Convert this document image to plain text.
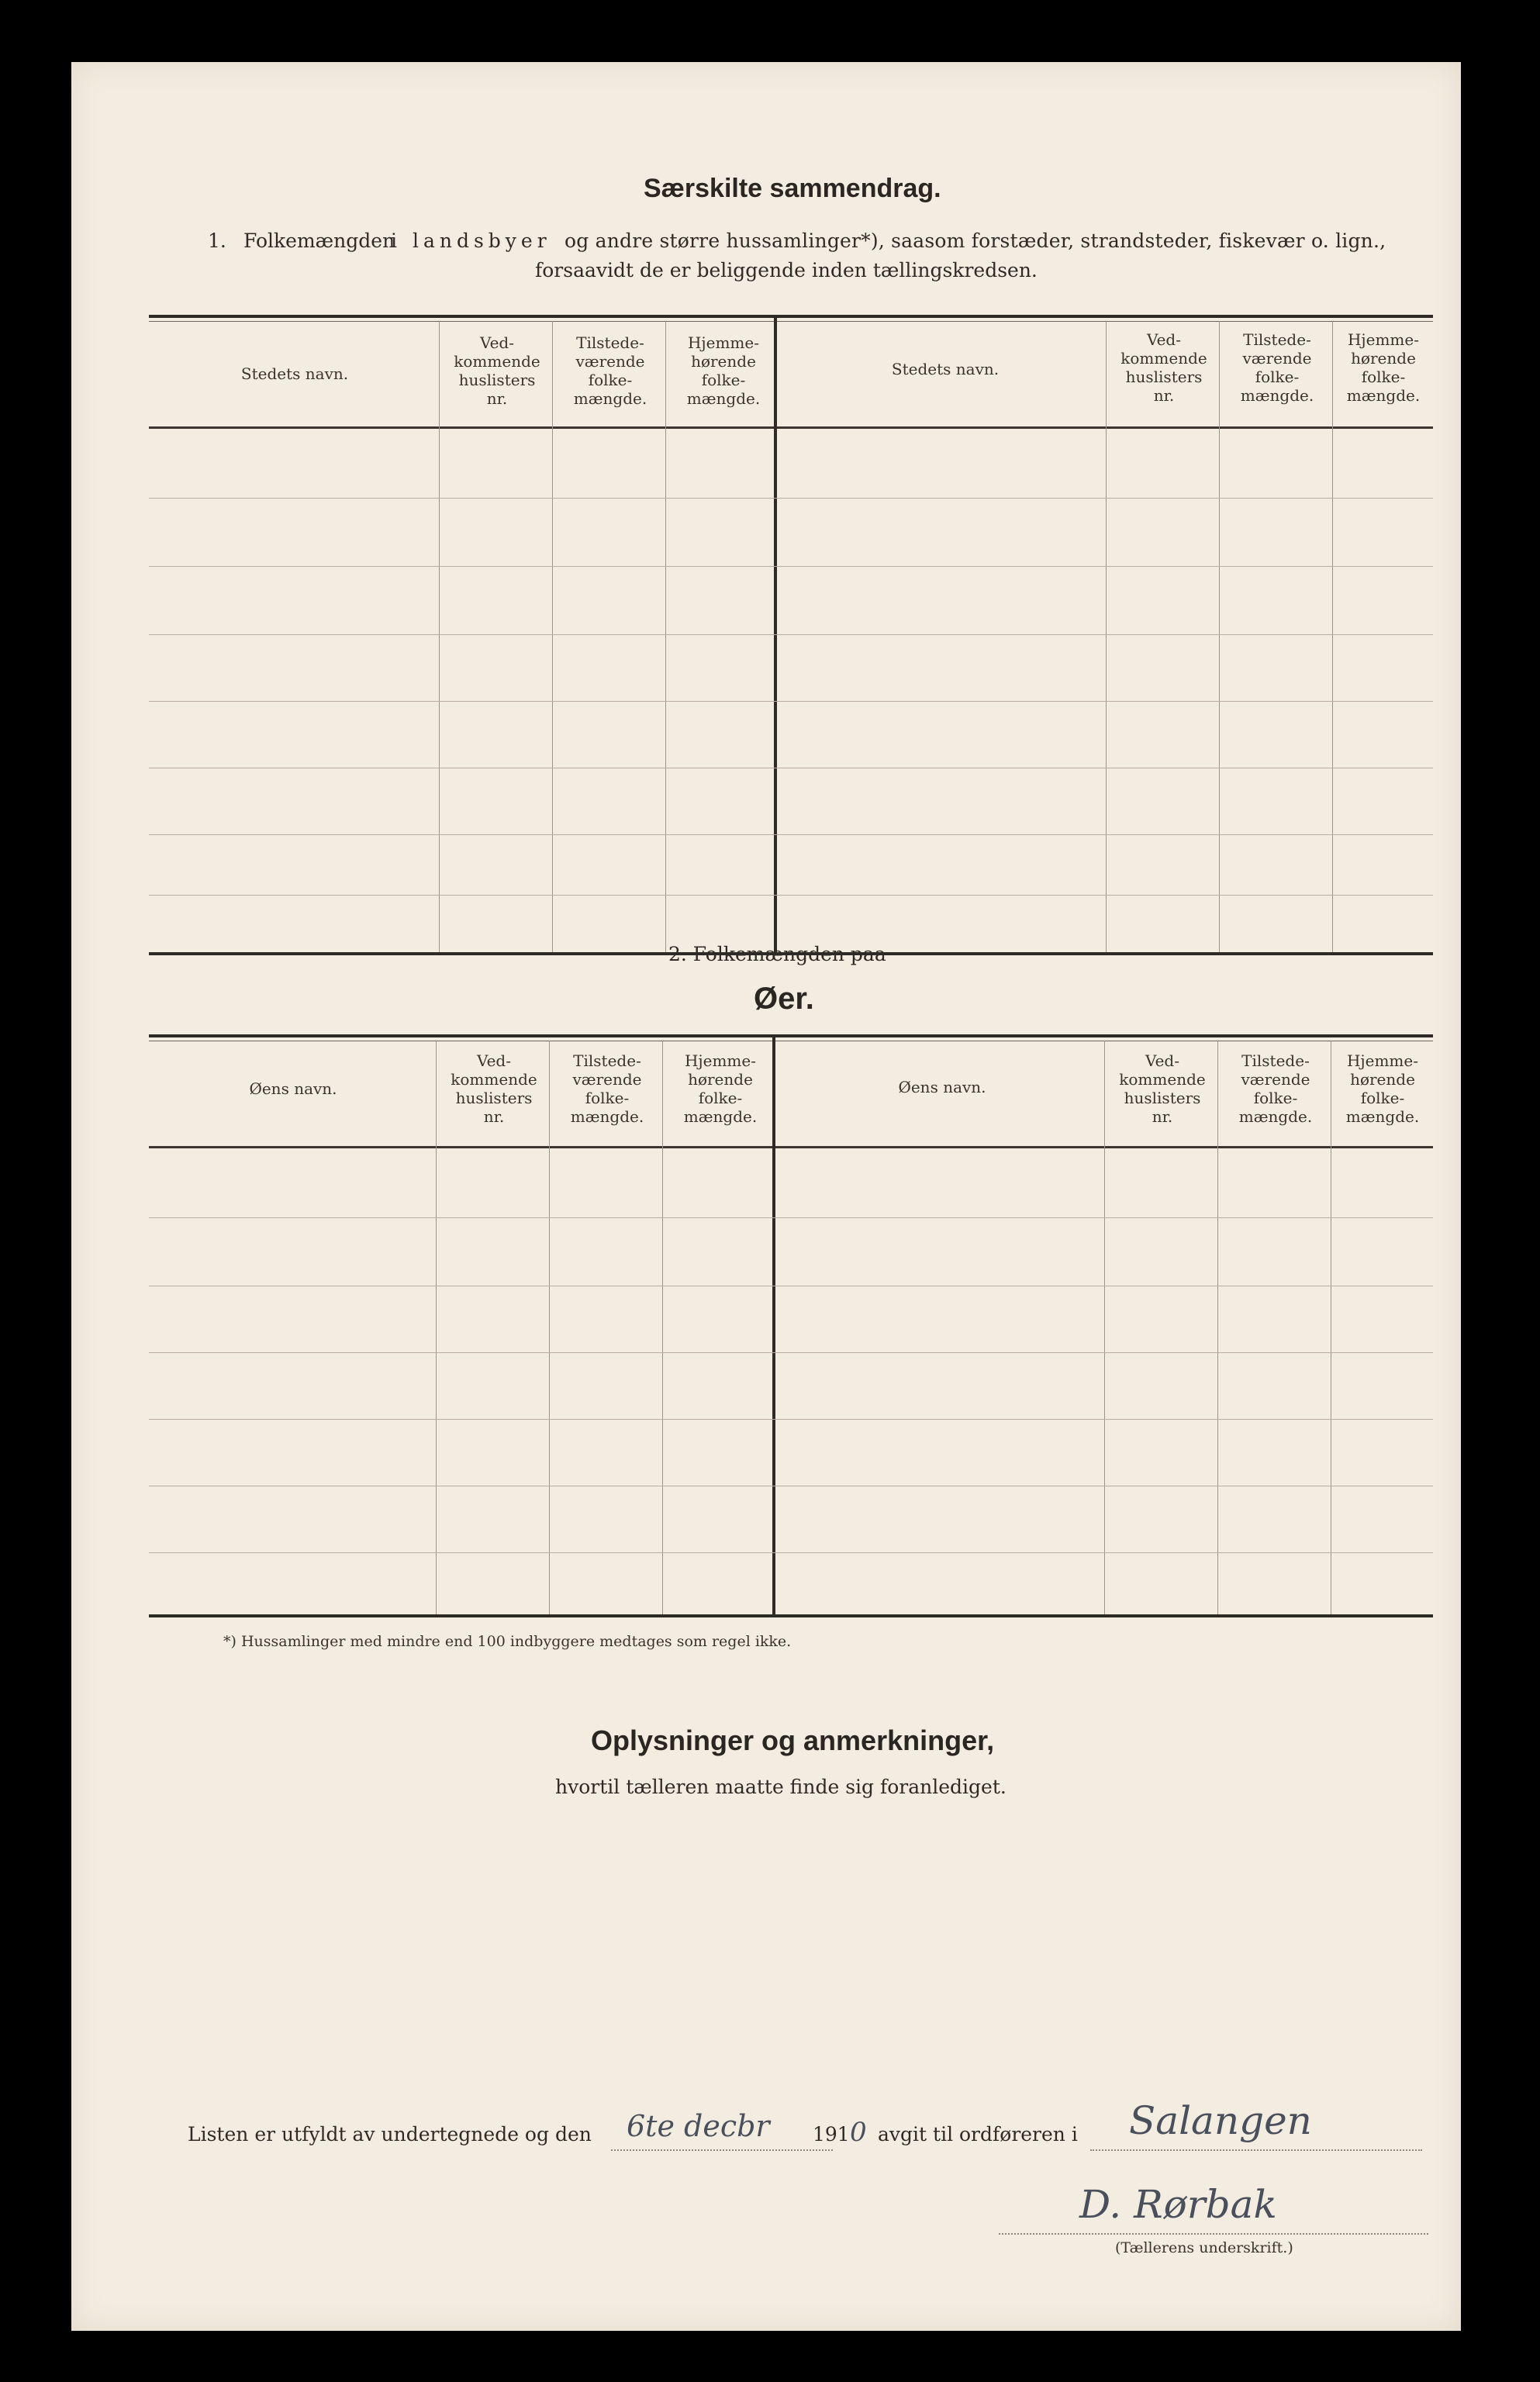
Særskilte sammendrag.
1. Folkemængden
i landsbyer og andre større hussamlinger*), saasom forstæder, strandsteder, fiskevær o. lign.,
forsaavidt de er beliggende inden tællingskredsen.
Stedets navn.
Ved-
kommende
huslisters
nr.
Tilstede-
værende
folke-
mængde.
Hjemme-
hørende
folke-
mængde.
Stedets navn.
Ved-
kommende
huslisters
nr.
Tilstede-
værende
folke-
mængde.
Hjemme-
hørende
folke-
mængde.
2. Folkemængden paa
Øer.
Øens navn.
Ved-
kommende
huslisters
nr.
Tilstede-
værende
folke-
mængde.
Hjemme-
hørende
folke-
mængde.
Øens navn.
Ved-
kommende
huslisters
nr.
Tilstede-
værende
folke-
mængde.
Hjemme-
hørende
folke-
mængde.
*) Hussamlinger med mindre end 100 indbyggere medtages som regel ikke.
Oplysninger og anmerkninger,
hvortil tælleren maatte finde sig foranlediget.
Listen er utfyldt av undertegnede og den 6te decbr 191 0 avgit til ordføreren i Salangen
D. Rørbak
(Tællerens underskrift.)
